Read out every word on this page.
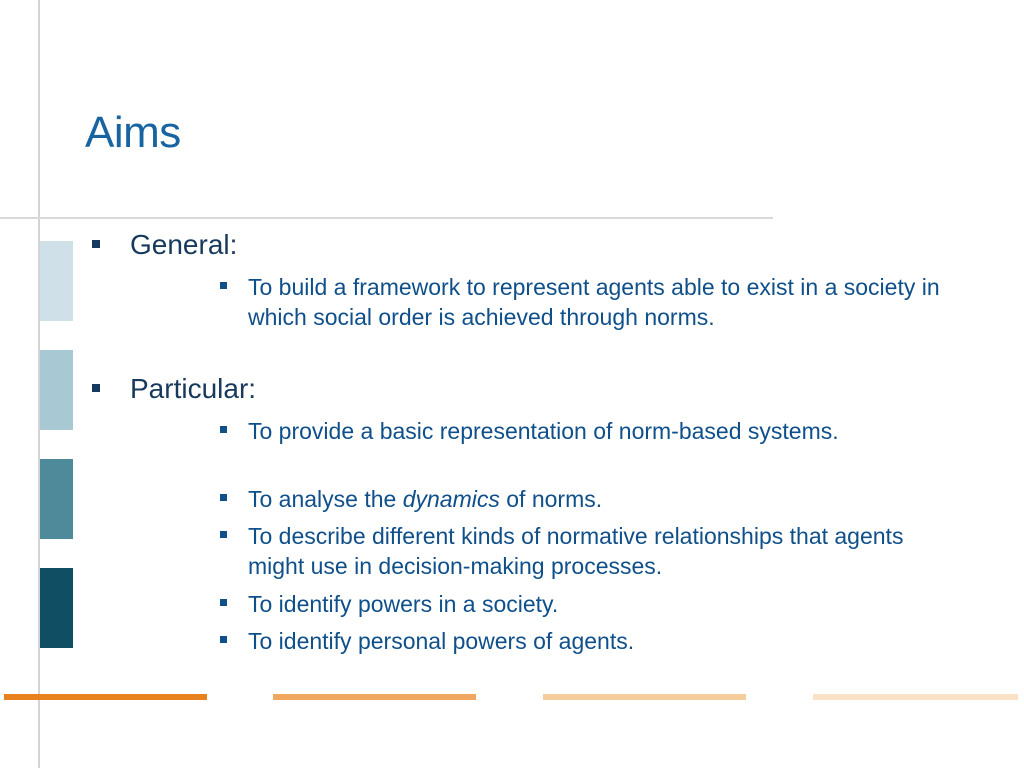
Aims
General:
To build a framework to represent agents able to exist in a society in which social order is achieved through norms.
Particular:
To provide a basic representation of norm-based systems.
To analyse the dynamics of norms.
To describe different kinds of normative relationships that agents might use in decision-making processes.
To identify powers in a society.
To identify personal powers of agents.
